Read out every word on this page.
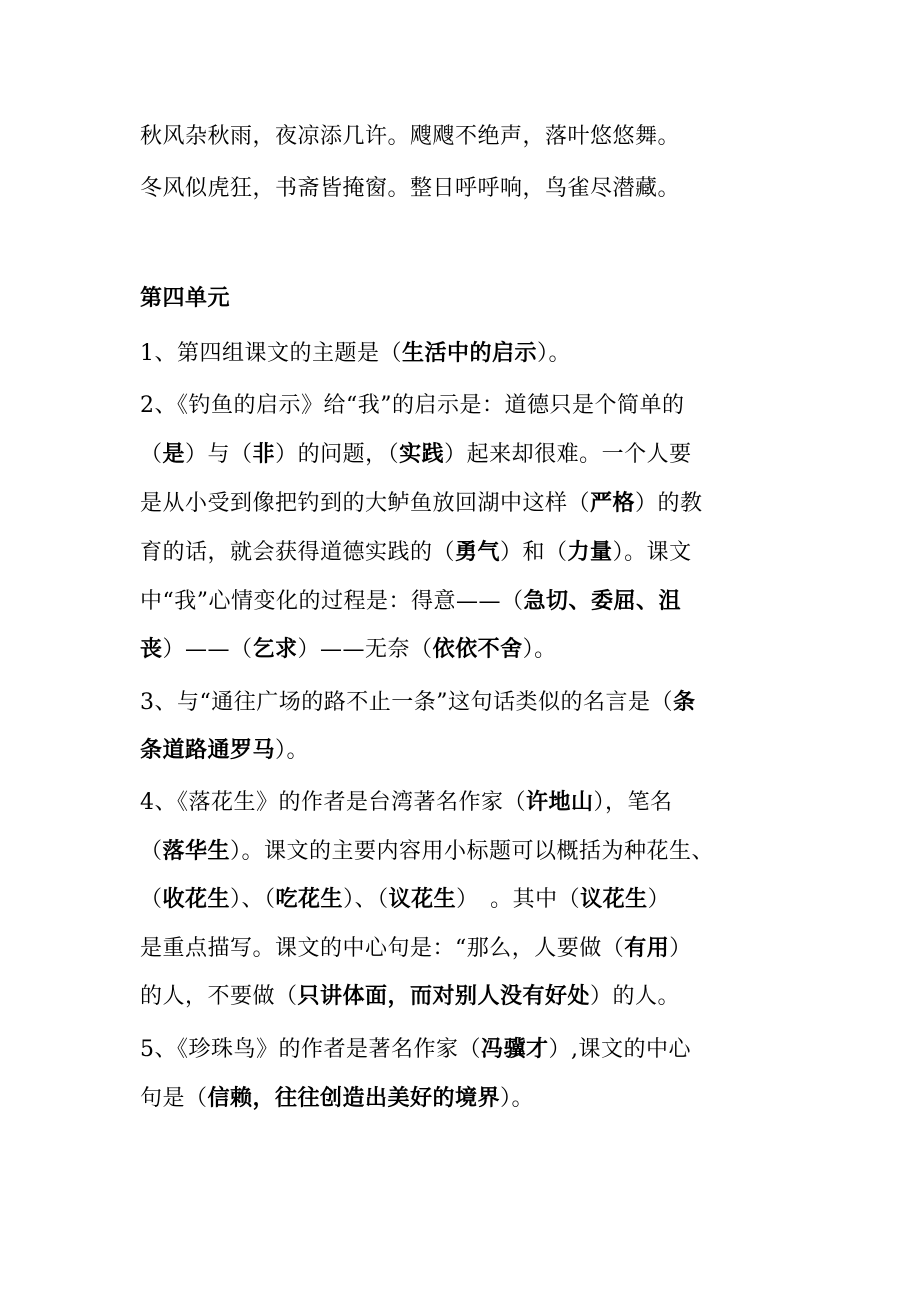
秋风杂秋雨，夜凉添几许。飕飕不绝声，落叶悠悠舞。

冬风似虎狂，书斋皆掩窗。整日呼呼响，鸟雀尽潜藏。

第四单元

1、第四组课文的主题是（生活中的启示）。

2、《钓鱼的启示》给“我”的启示是：道德只是个简单的

（是）与（非）的问题，（实践）起来却很难。一个人要

是从小受到像把钓到的大鲈鱼放回湖中这样（严格）的教

育的话，就会获得道德实践的（勇气）和（力量）。课文

中“我”心情变化的过程是：得意——（急切、委屈、沮

丧）——（乞求）——无奈（依依不舍）。

3、与“通往广场的路不止一条”这句话类似的名言是（条

条道路通罗马）。

4、《落花生》的作者是台湾著名作家（许地山），笔名

（落华生）。课文的主要内容用小标题可以概括为种花生、

（收花生）、（吃花生）、（议花生）　。其中（议花生）

是重点描写。课文的中心句是：“那么，人要做（有用）

的人，不要做（只讲体面，而对别人没有好处）的人。

5、《珍珠鸟》的作者是著名作家（冯骥才）,课文的中心

句是（信赖，往往创造出美好的境界）。
